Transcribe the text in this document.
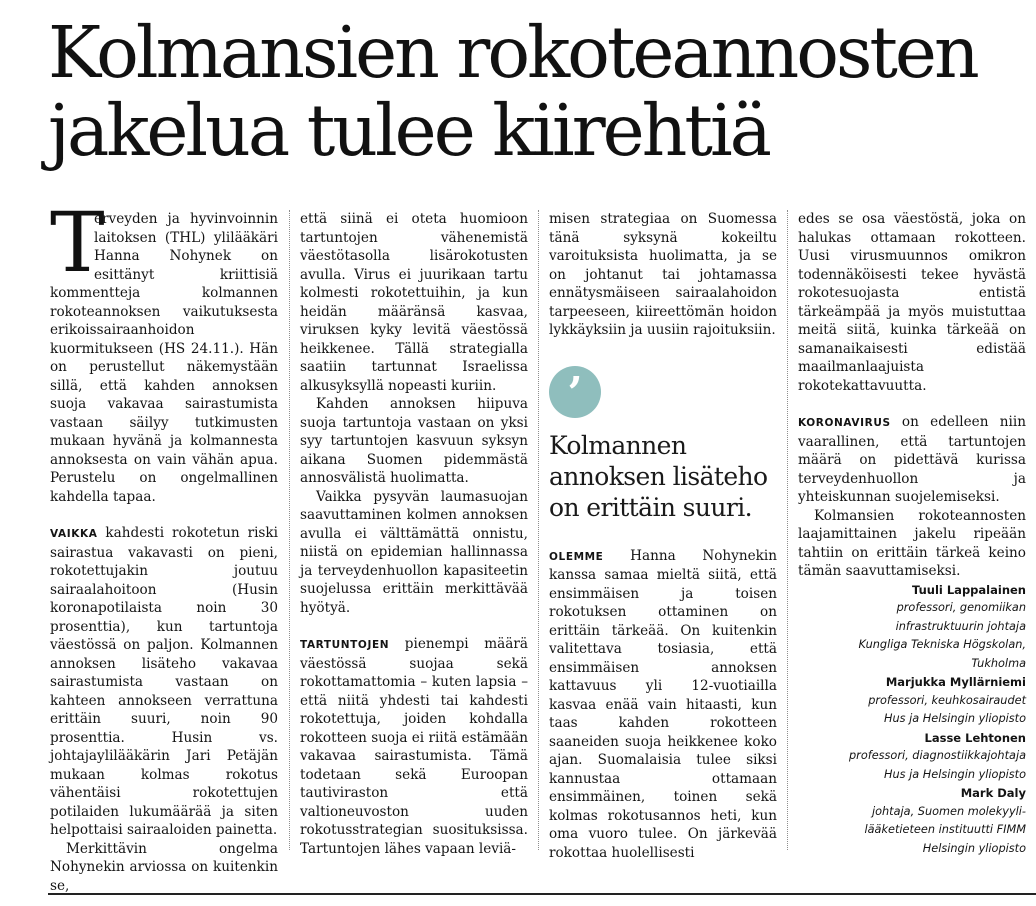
Kolmansien rokoteannosten
jakelua tulee kiirehtiä
T
erveyden ja hyvinvoinnin laitoksen (THL) ylilääkäri Hanna Nohynek on esittänyt kriittisiä kommentteja kolmannen rokoteannoksen vaikutuksesta erikoissairaanhoidon kuormitukseen (HS 24.11.). Hän on perustellut näkemystään sillä, että kahden annoksen suoja vakavaa sairastumista vastaan säilyy tutkimusten mukaan hyvänä ja kolmannesta annoksesta on vain vähän apua. Perustelu on ongelmallinen kahdella tapaa.

VAIKKA kahdesti rokotetun riski sairastua vakavasti on pieni, rokotettujakin joutuu sairaalahoitoon (Husin koronapotilaista noin 30 prosenttia), kun tartuntoja väestössä on paljon. Kolmannen annoksen lisäteho vakavaa sairastumista vastaan on kahteen annokseen verrattuna erittäin suuri, noin 90 prosenttia. Husin vs. johtajaylilääkärin Jari Petäjän mukaan kolmas rokotus vähentäisi rokotettujen potilaiden lukumäärää ja siten helpottaisi sairaaloiden painetta.

Merkittävin ongelma Nohynekin arviossa on kuitenkin se,

että siinä ei oteta huomioon tartuntojen vähenemistä väestötasolla lisärokotusten avulla. Virus ei juurikaan tartu kolmesti rokotettuihin, ja kun heidän määränsä kasvaa, viruksen kyky levitä väestössä heikkenee. Tällä strategialla saatiin tartunnat Israelissa alkusyksyllä nopeasti kuriin.

Kahden annoksen hiipuva suoja tartuntoja vastaan on yksi syy tartuntojen kasvuun syksyn aikana Suomen pidemmästä annosvälistä huolimatta.

Vaikka pysyvän laumasuojan saavuttaminen kolmen annoksen avulla ei välttämättä onnistu, niistä on epidemian hallinnassa ja terveydenhuollon kapasiteetin suojelussa erittäin merkittävää hyötyä.

TARTUNTOJEN pienempi määrä väestössä suojaa sekä rokottamattomia – kuten lapsia – että niitä yhdesti tai kahdesti rokotettuja, joiden kohdalla rokotteen suoja ei riitä estämään vakavaa sairastumista. Tämä todetaan sekä Euroopan tautiviraston että valtioneuvoston uuden rokotusstrategian suosituksissa. Tartuntojen lähes vapaan leviä-

misen strategiaa on Suomessa tänä syksynä kokeiltu varoituksista huolimatta, ja se on johtanut tai johtamassa ennätysmäiseen sairaalahoidon tarpeeseen, kiireettömän hoidon lykkäyksiin ja uusiin rajoituksiin.

’
Kolmannen annoksen lisäteho on erittäin suuri.

OLEMME Hanna Nohynekin kanssa samaa mieltä siitä, että ensimmäisen ja toisen rokotuksen ottaminen on erittäin tärkeää. On kuitenkin valitettava tosiasia, että ensimmäisen annoksen kattavuus yli 12-vuotiailla kasvaa enää vain hitaasti, kun taas kahden rokotteen saaneiden suoja heikkenee koko ajan. Suomalaisia tulee siksi kannustaa ottamaan ensimmäinen, toinen sekä kolmas rokotusannos heti, kun oma vuoro tulee. On järkevää rokottaa huolellisesti

edes se osa väestöstä, joka on halukas ottamaan rokotteen. Uusi virusmuunnos omikron todennäköisesti tekee hyvästä rokotesuojasta entistä tärkeämpää ja myös muistuttaa meitä siitä, kuinka tärkeää on samanaikaisesti edistää maailmanlaajuista rokotekattavuutta.

KORONAVIRUS on edelleen niin vaarallinen, että tartuntojen määrä on pidettävä kurissa terveydenhuollon ja yhteiskunnan suojelemiseksi.

Kolmansien rokoteannosten laajamittainen jakelu ripeään tahtiin on erittäin tärkeä keino tämän saavuttamiseksi.

Tuuli Lappalainen
professori, genomiikan
infrastruktuurin johtaja
Kungliga Tekniska Högskolan,
Tukholma
Marjukka Myllärniemi
professori, keuhkosairaudet
Hus ja Helsingin yliopisto
Lasse Lehtonen
professori, diagnostiikkajohtaja
Hus ja Helsingin yliopisto
Mark Daly
johtaja, Suomen molekyyli-
lääketieteen instituutti FIMM
Helsingin yliopisto
